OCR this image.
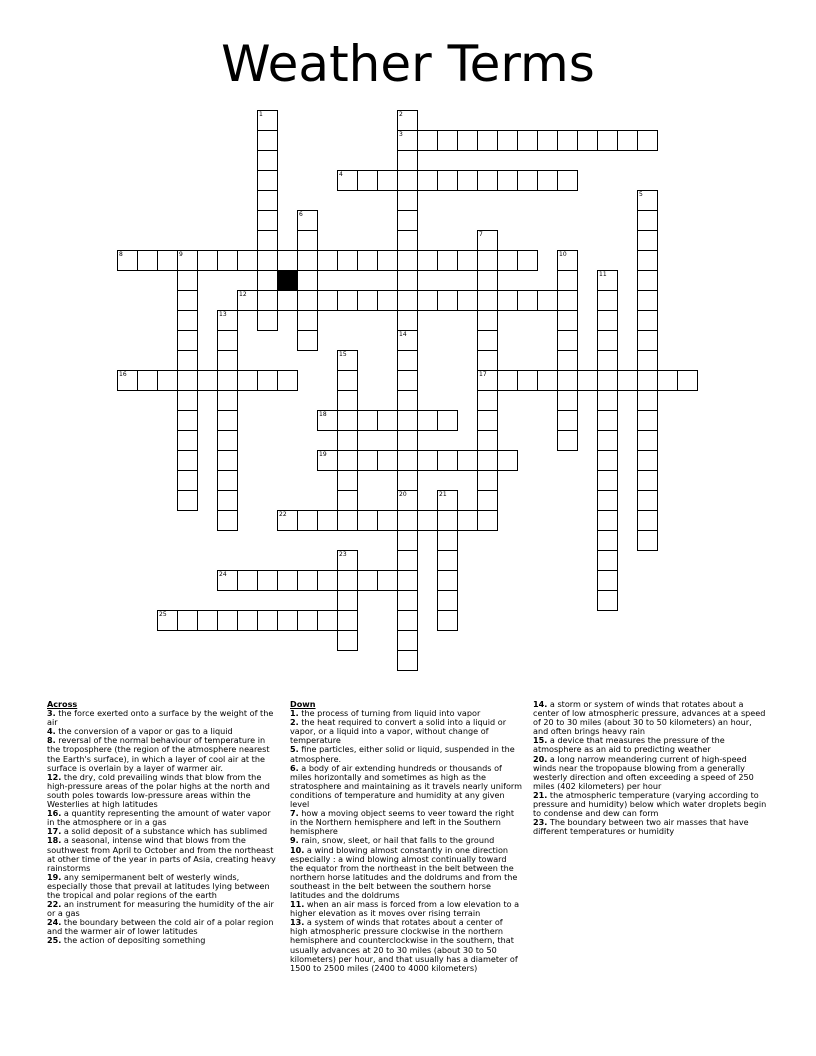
Weather Terms
3
4
8	9
12
16	17
18
19
22
24
25
1	2
14
5
6
7
10
11
13
20
15
21
23
Across
3. the force exerted onto a surface by the weight of the air
4. the conversion of a vapor or gas to a liquid
8. reversal of the normal behaviour of temperature in the troposphere (the region of the atmosphere nearest the Earth's surface), in which a layer of cool air at the surface is overlain by a layer of warmer air.
12. the dry, cold prevailing winds that blow from the high-pressure areas of the polar highs at the north and south poles towards low-pressure areas within the Westerlies at high latitudes
16. a quantity representing the amount of water vapor in the atmosphere or in a gas
17. a solid deposit of a substance which has sublimed
18. a seasonal, intense wind that blows from the southwest from April to October and from the northeast at other time of the year in parts of Asia, creating heavy rainstorms
19. any semipermanent belt of westerly winds, especially those that prevail at latitudes lying between the tropical and polar regions of the earth
22. an instrument for measuring the humidity of the air or a gas
24. the boundary between the cold air of a polar region and the warmer air of lower latitudes
25. the action of depositing something
Down
1. the process of turning from liquid into vapor
2. the heat required to convert a solid into a liquid or vapor, or a liquid into a vapor, without change of temperature
5. fine particles, either solid or liquid, suspended in the atmosphere.
6. a body of air extending hundreds or thousands of miles horizontally and sometimes as high as the stratosphere and maintaining as it travels nearly uniform conditions of temperature and humidity at any given level
7. how a moving object seems to veer toward the right in the Northern hemisphere and left in the Southern hemisphere
9. rain, snow, sleet, or hail that falls to the ground
10. a wind blowing almost constantly in one direction especially : a wind blowing almost continually toward the equator from the northeast in the belt between the northern horse latitudes and the doldrums and from the southeast in the belt between the southern horse latitudes and the doldrums
11. when an air mass is forced from a low elevation to a higher elevation as it moves over rising terrain
13. a system of winds that rotates about a center of high atmospheric pressure clockwise in the northern hemisphere and counterclockwise in the southern, that usually advances at 20 to 30 miles (about 30 to 50 kilometers) per hour, and that usually has a diameter of 1500 to 2500 miles (2400 to 4000 kilometers)
14. a storm or system of winds that rotates about a center of low atmospheric pressure, advances at a speed of 20 to 30 miles (about 30 to 50 kilometers) an hour, and often brings heavy rain
15. a device that measures the pressure of the atmosphere as an aid to predicting weather
20. a long narrow meandering current of high-speed winds near the tropopause blowing from a generally westerly direction and often exceeding a speed of 250 miles (402 kilometers) per hour
21. the atmospheric temperature (varying according to pressure and humidity) below which water droplets begin to condense and dew can form
23. The boundary between two air masses that have different temperatures or humidity
